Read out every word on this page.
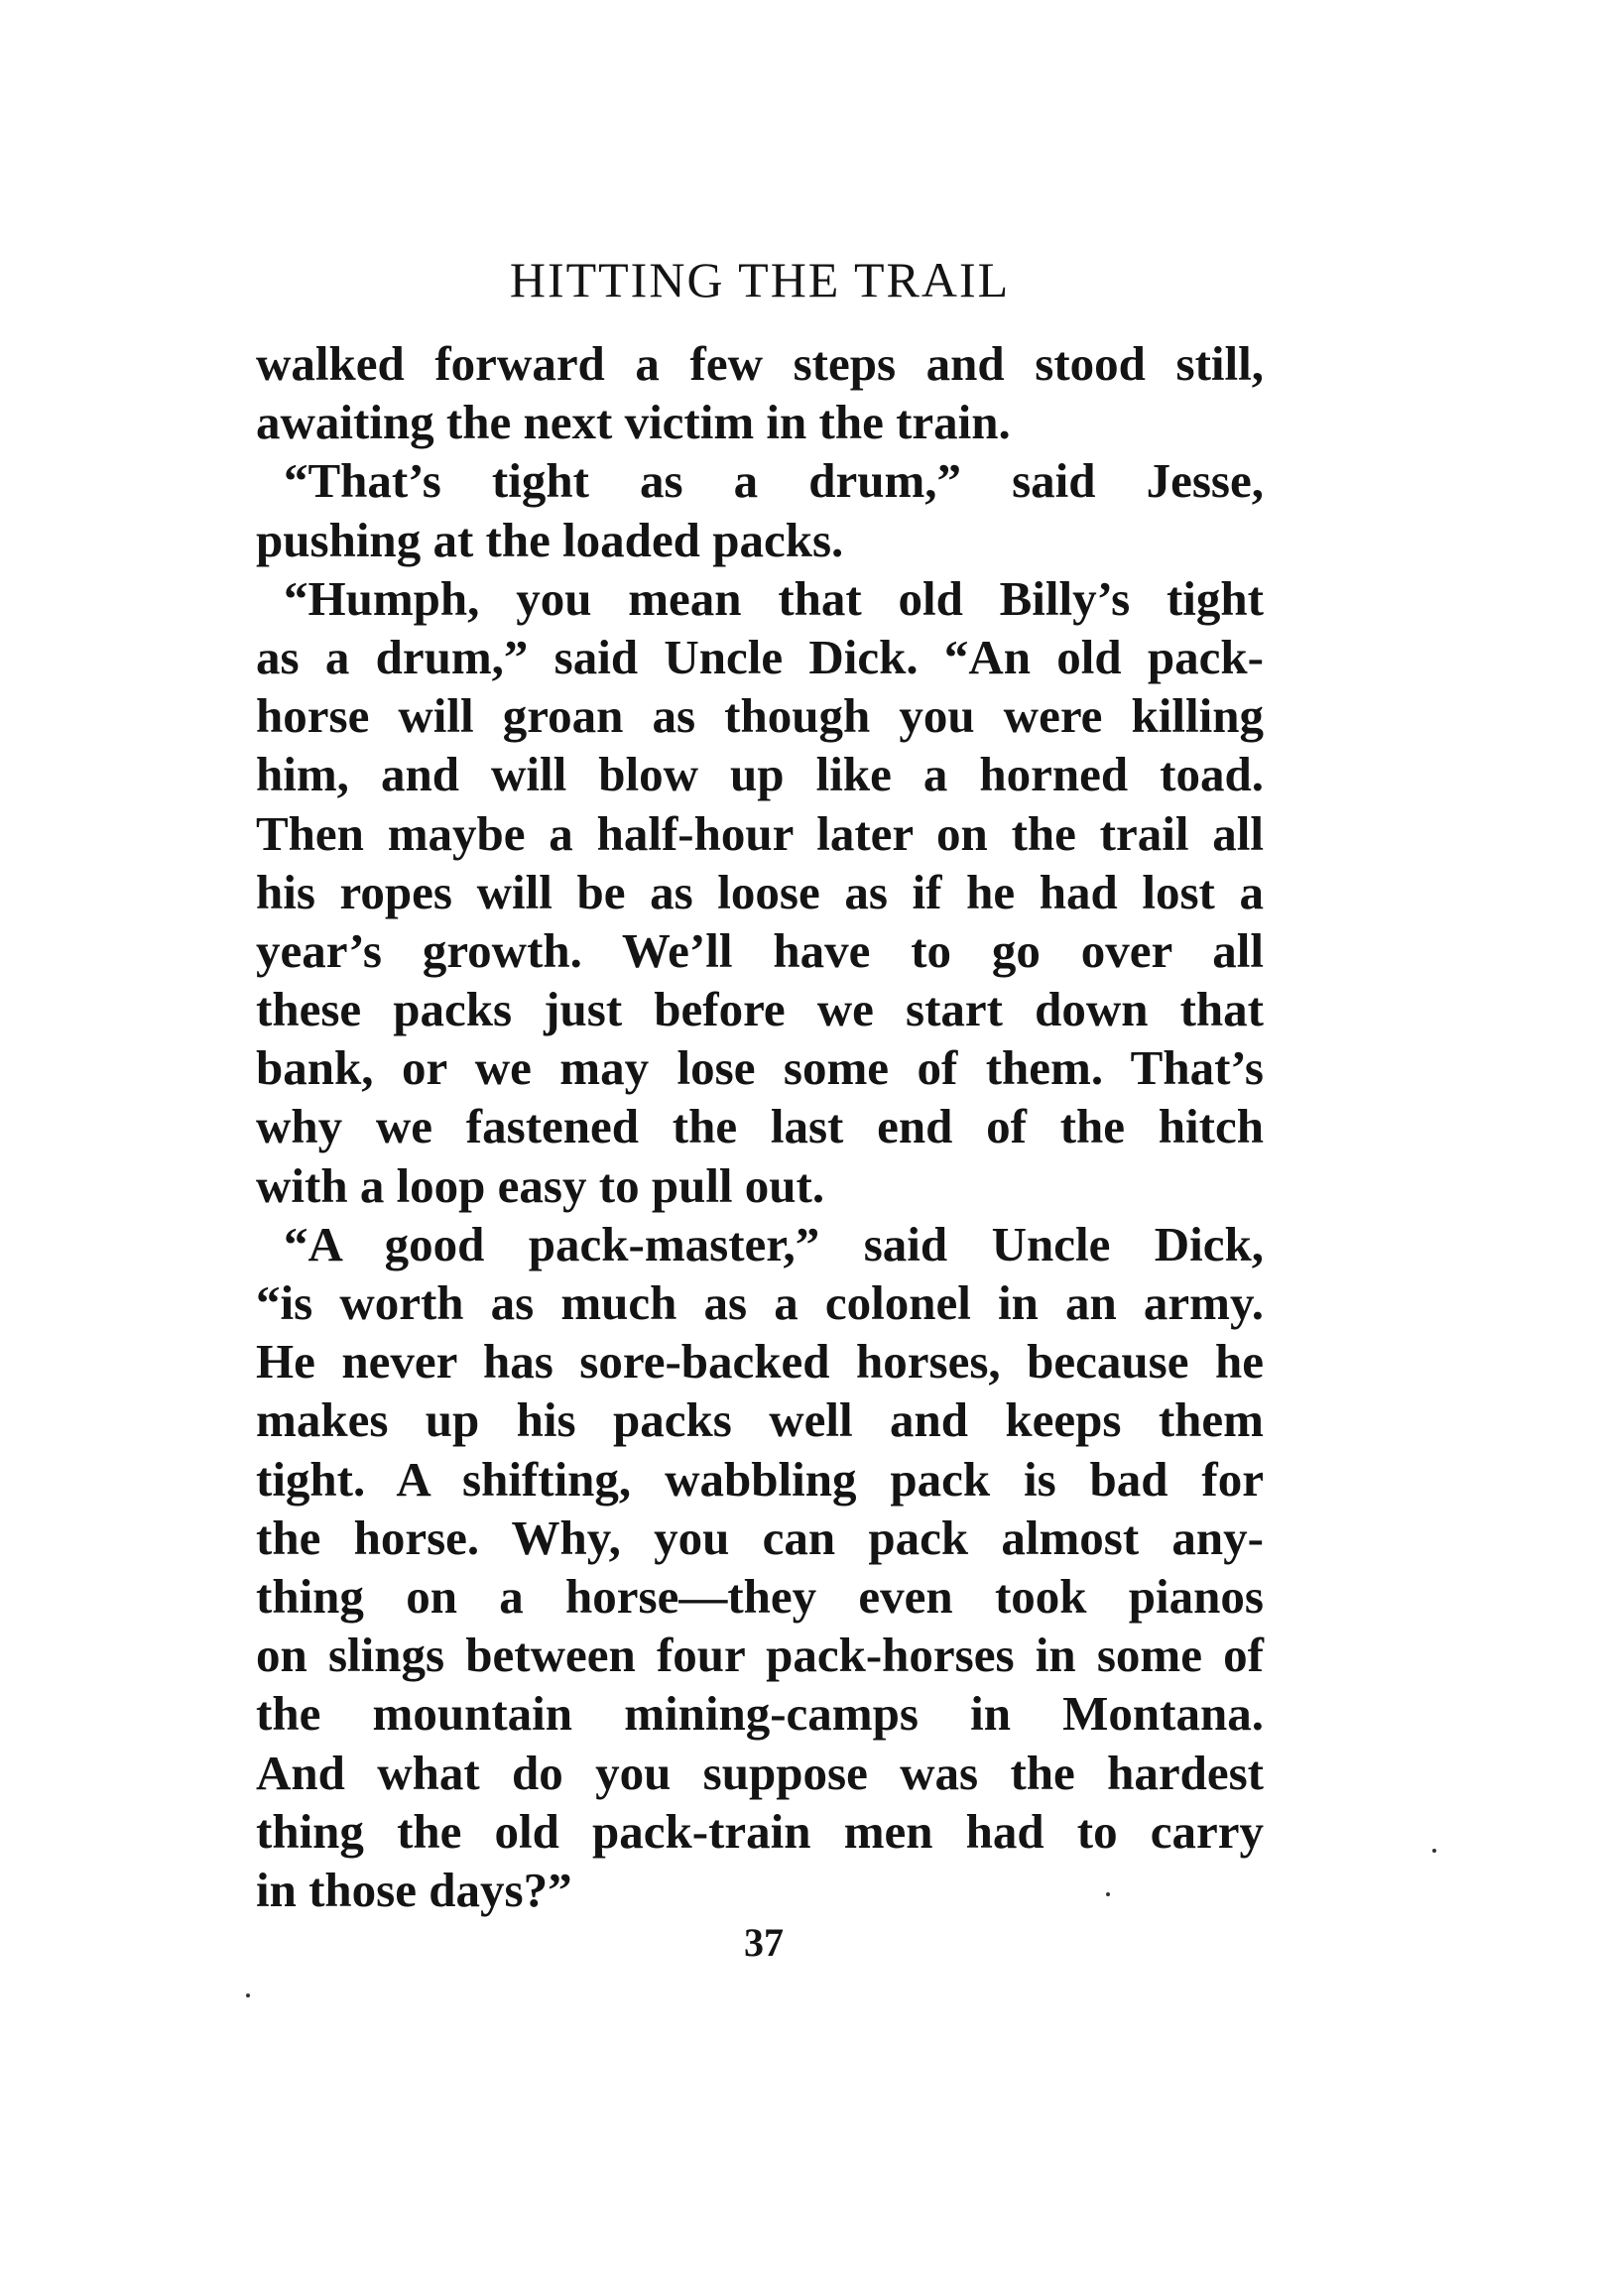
HITTING THE TRAIL
walked forward a few steps and stood still,
awaiting the next victim in the train.
“That’s tight as a drum,” said Jesse,
pushing at the loaded packs.
“Humph, you mean that old Billy’s tight
as a drum,” said Uncle Dick. “An old pack-
horse will groan as though you were killing
him, and will blow up like a horned toad.
Then maybe a half-hour later on the trail all
his ropes will be as loose as if he had lost a
year’s growth. We’ll have to go over all
these packs just before we start down that
bank, or we may lose some of them. That’s
why we fastened the last end of the hitch
with a loop easy to pull out.
“A good pack-master,” said Uncle Dick,
“is worth as much as a colonel in an army.
He never has sore-backed horses, because he
makes up his packs well and keeps them
tight. A shifting, wabbling pack is bad for
the horse. Why, you can pack almost any-
thing on a horse—they even took pianos
on slings between four pack-horses in some of
the mountain mining-camps in Montana.
And what do you suppose was the hardest
thing the old pack-train men had to carry
in those days?”
37
